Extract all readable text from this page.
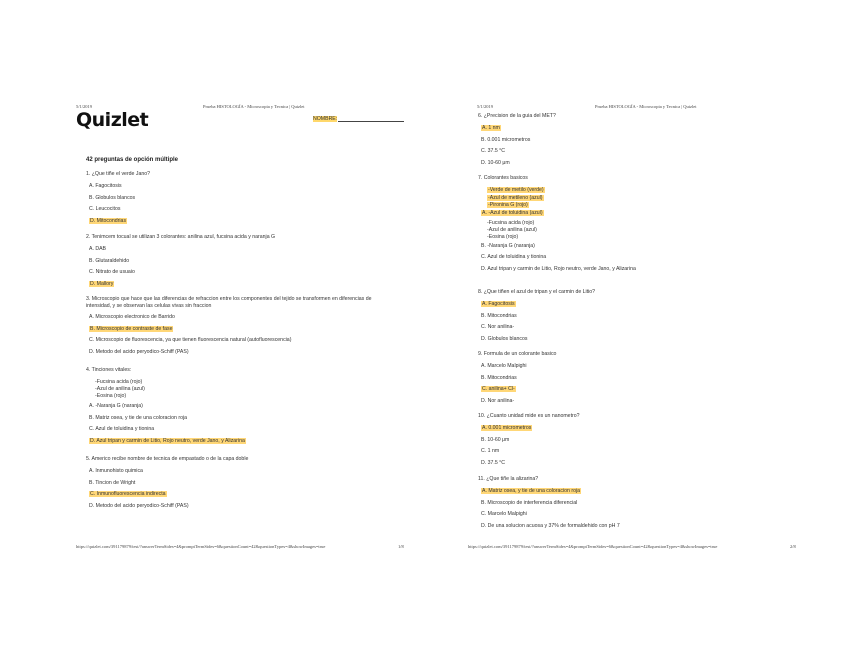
5/1/2019	Prueba HISTOLOGÍA - Microscopia y Tecnica | Quizlet
Quizlet	NOMBRE:
42 preguntas de opción múltiple
1. ¿Que tiñe el verde Jano?
A. Fagocitosis
B. Globulos blancos
C. Leucocitos
D. Mitocondrias
2. Tenimcem tocual se utilizan 3 colorantes: anilina azul, fucsina acida y naranja G
A. DAB
B. Glutaraldehido
C. Nitrato de usuaio
D. Mallory
3. Microscopio que hace que las diferencias de refraccion entre los componentes del tejido se transformen en diferencias de intensidad, y se observan las celulas vivas sin fraccion
A. Microscopio electronico de Barrido
B. Microscopio de contraste de fase
C. Microscopio de fluorescencia, ya que tienen fluorescencia natural (autofluorescencia)
D. Metodo del acido peryodico-Schiff (PAS)
4. Tinciones vitales:
-Fucsina acida (rojo)
-Azul de anilina (azul)
-Eosina (rojo)
A. -Naranja G (naranja)
B. Matriz osea, y tie de una coloracion roja
C. Azul de toluidina y tionina
D. Azul tripan y carmin de Litio, Rojo neutro, verde Jano, y Alizarina
5. Americo recibe nombre de tecnica de empastado o de la capa doble
A. Inmunohisto quimica
B. Tincion de Wright
C. Inmunofluorescencia indirecta
D. Metodo del acido peryodico-Schiff (PAS)
https://quizlet.com/391179879/test/?answerTermSides=4&promptTermSides=6&questionCount=42&questionTypes=4&showImages=true	1/8
5/1/2019	Prueba HISTOLOGÍA - Microscopia y Tecnica | Quizlet
6. ¿Precision de la guia del MET?
A. 1 nm
B. 0.001 micrometros
C. 37.5 °C
D. 10-60 μm
7. Colorantes basicos
-Verde de metilo (verde)
-Azul de metileno (azul)
-Pironina G (rojo)
A. -Azul de toluidina (azul)
-Fucsina acida (rojo)
-Azul de anilina (azul)
-Eosina (rojo)
B. -Naranja G (naranja)
C. Azul de toluidina y tionina
D. Azul tripan y carmin de Litio, Rojo neutro, verde Jano, y Alizarina
8. ¿Que tiñen el azul de tripan y el carmin de Litio?
A. Fagocitosis
B. Mitocondrias
C. Nor anilina-
D. Globulos blancos
9. Formula de un colorante basico
A. Marcelo Malpighi
B. Mitocondrias
C. anilina+ Cl-
D. Nor anilina-
10. ¿Cuanto unidad mide es un nanometro?
A. 0.001 micrometros
B. 10-60 μm
C. 1 nm
D. 37.5 °C
11. ¿Que tiñe la alizarina?
A. Matriz osea, y tie de una coloracion roja
B. Microscopio de interferencia diferencial
C. Marcelo Malpighi
D. De una solucion acuosa y 37% de formaldehido con pH 7
https://quizlet.com/391179879/test/?answerTermSides=4&promptTermSides=6&questionCount=42&questionTypes=4&showImages=true	2/8
